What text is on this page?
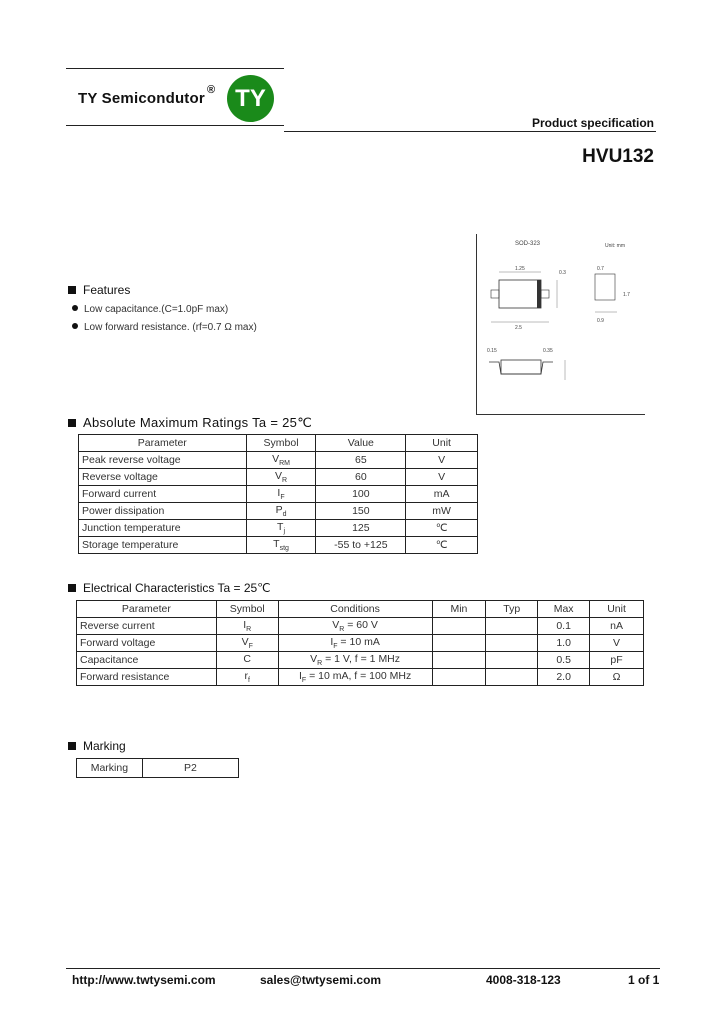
TY Semicondutor ® TY
Product specification
HVU132
SOD-323	Unit: mm
1.25
2.5
0.3
0.7
0.9
1.7
0.15	0.35
Features
Low capacitance.(C=1.0pF max)
Low forward resistance. (rf=0.7 Ω max)
Absolute Maximum Ratings Ta = 25℃
Parameter	Symbol	Value	Unit
Peak reverse voltage	$V_{RM}$	65	V
Reverse voltage	$V_R$	60	V
Forward current	$I_F$	100	mA
Power dissipation	$P_d$	150	mW
Junction temperature	$T_j$	125	℃
Storage temperature	$T_{stg}$	-55 to +125	℃
Electrical Characteristics Ta = 25℃
Parameter	Symbol	Conditions	Min	Typ	Max	Unit
Reverse current	$I_R$	$V_R = 60$ V			0.1	nA
Forward voltage	$V_F$	$I_F = 10$ mA			1.0	V
Capacitance	C	$V_R = 1$ V, f = 1 MHz			0.5	pF
Forward resistance	$r_f$	$I_F = 10$ mA, f = 100 MHz			2.0	Ω
Marking
Marking	P2
http://www.twtysemi.com	sales@twtysemi.com	4008-318-123	1 of 1
